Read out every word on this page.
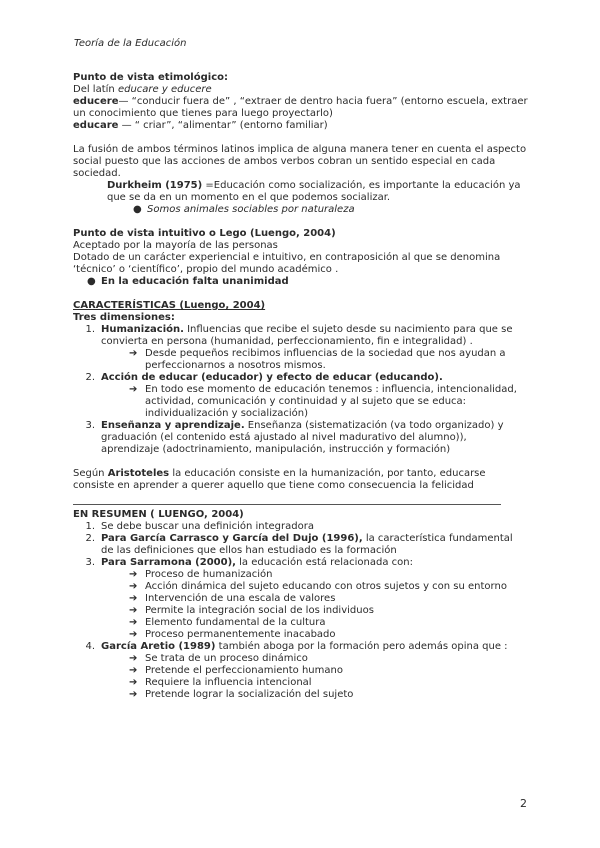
Teoría de la Educación

Punto de vista etimológico:

Del latín educare y educere

educere— “conducir fuera de” , “extraer de dentro hacia fuera” (entorno escuela, extraer un conocimiento que tienes para luego proyectarlo)

educare — “ criar”, “alimentar” (entorno familiar)

La fusión de ambos términos latinos implica de alguna manera tener en cuenta el aspecto social puesto que las acciones de ambos verbos cobran un sentido especial en cada sociedad.

Durkheim (1975) =Educación como socialización, es importante la educación ya que se da en un momento en el que podemos socializar.

● Somos animales sociables por naturaleza

Punto de vista intuitivo o Lego (Luengo, 2004)

Aceptado por la mayoría de las personas

Dotado de un carácter experiencial e intuitivo, en contraposición al que se denomina ‘técnico’ o ‘científico’, propio del mundo académico .

● En la educación falta unanimidad

CARACTERÍSTICAS (Luengo, 2004)

Tres dimensiones:

1. Humanización. Influencias que recibe el sujeto desde su nacimiento para que se convierta en persona (humanidad, perfeccionamiento, fin e integralidad) .
➔ Desde pequeños recibimos influencias de la sociedad que nos ayudan a perfeccionarnos a nosotros mismos.
2. Acción de educar (educador) y efecto de educar (educando).
➔ En todo ese momento de educación tenemos : influencia, intencionalidad, actividad, comunicación y continuidad y al sujeto que se educa: individualización y socialización)
3. Enseñanza y aprendizaje. Enseñanza (sistematización (va todo organizado) y graduación (el contenido está ajustado al nivel madurativo del alumno)), aprendizaje (adoctrinamiento, manipulación, instrucción y formación)

Según Aristoteles la educación consiste en la humanización, por tanto, educarse consiste en aprender a querer aquello que tiene como consecuencia la felicidad

EN RESUMEN ( LUENGO, 2004)

1. Se debe buscar una definición integradora
2. Para García Carrasco y García del Dujo (1996), la característica fundamental de las definiciones que ellos han estudiado es la formación
3. Para Sarramona (2000), la educación está relacionada con:
➔ Proceso de humanización
➔ Acción dinámica del sujeto educando con otros sujetos y con su entorno
➔ Intervención de una escala de valores
➔ Permite la integración social de los individuos
➔ Elemento fundamental de la cultura
➔ Proceso permanentemente inacabado
4. García Aretio (1989) también aboga por la formación pero además opina que :
➔ Se trata de un proceso dinámico
➔ Pretende el perfeccionamiento humano
➔ Requiere la influencia intencional
➔ Pretende lograr la socialización del sujeto
2
